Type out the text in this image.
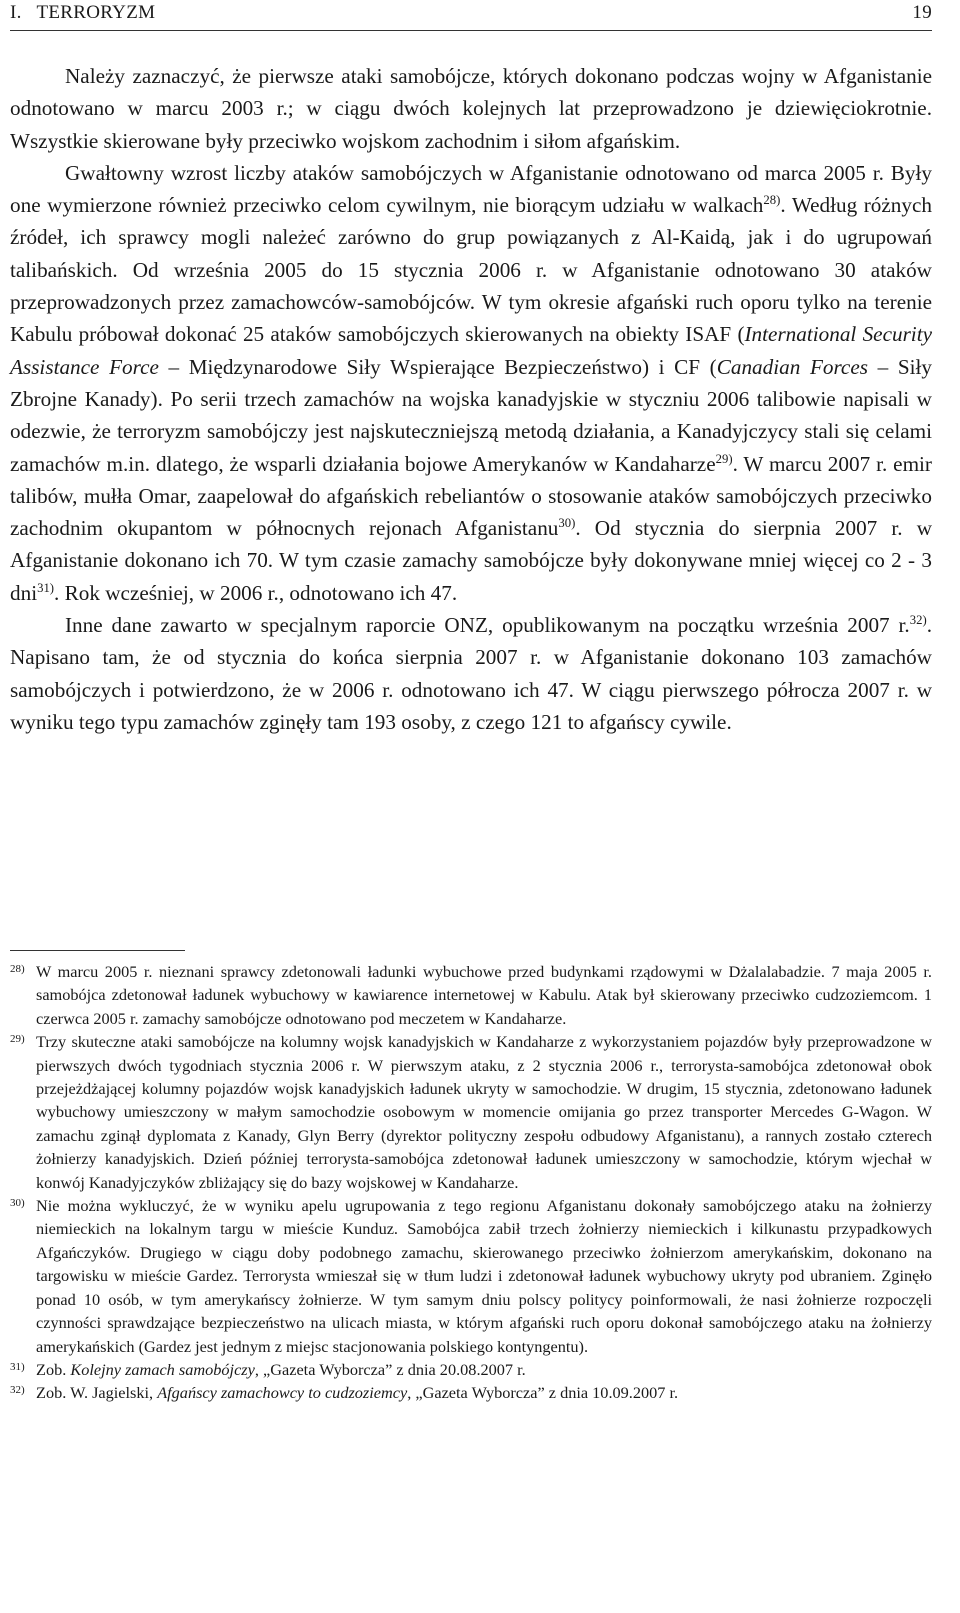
I.   TERRORYZM	19

Należy zaznaczyć, że pierwsze ataki samobójcze, których dokonano podczas wojny w Afganistanie odnotowano w marcu 2003 r.; w ciągu dwóch kolejnych lat przeprowadzono je dziewięciokrotnie. Wszystkie skierowane były przeciwko wojskom zachodnim i siłom afgańskim.

Gwałtowny wzrost liczby ataków samobójczych w Afganistanie odnotowano od marca 2005 r. Były one wymierzone również przeciwko celom cywilnym, nie biorącym udziału w walkach$^{28)}$. Według różnych źródeł, ich sprawcy mogli należeć zarówno do grup powiązanych z Al-Kaidą, jak i do ugrupowań talibańskich. Od września 2005 do 15 stycznia 2006 r. w Afganistanie odnotowano 30 ataków przeprowadzonych przez zamachowców-samobójców. W tym okresie afgański ruch oporu tylko na terenie Kabulu próbował dokonać 25 ataków samobójczych skierowanych na obiekty ISAF (International Security Assistance Force – Międzynarodowe Siły Wspierające Bezpieczeństwo) i CF (Canadian Forces – Siły Zbrojne Kanady). Po serii trzech zamachów na wojska kanadyjskie w styczniu 2006 talibowie napisali w odezwie, że terroryzm samobójczy jest najskuteczniejszą metodą działania, a Kanadyjczycy stali się celami zamachów m.in. dlatego, że wsparli działania bojowe Amerykanów w Kandaharze$^{29)}$. W marcu 2007 r. emir talibów, mułła Omar, zaapelował do afgańskich rebeliantów o stosowanie ataków samobójczych przeciwko zachodnim okupantom w północnych rejonach Afganistanu$^{30)}$. Od stycznia do sierpnia 2007 r. w Afganistanie dokonano ich 70. W tym czasie zamachy samobójcze były dokonywane mniej więcej co 2 - 3 dni$^{31)}$. Rok wcześniej, w 2006 r., odnotowano ich 47.

Inne dane zawarto w specjalnym raporcie ONZ, opublikowanym na początku września 2007 r.$^{32)}$. Napisano tam, że od stycznia do końca sierpnia 2007 r. w Afganistanie dokonano 103 zamachów samobójczych i potwierdzono, że w 2006 r. odnotowano ich 47. W ciągu pierwszego półrocza 2007 r. w wyniku tego typu zamachów zginęły tam 193 osoby, z czego 121 to afgańscy cywile.

28) W marcu 2005 r. nieznani sprawcy zdetonowali ładunki wybuchowe przed budynkami rządowymi w Dżalalabadzie. 7 maja 2005 r. samobójca zdetonował ładunek wybuchowy w kawiarence internetowej w Kabulu. Atak był skierowany przeciwko cudzoziemcom. 1 czerwca 2005 r. zamachy samobójcze odnotowano pod meczetem w Kandaharze.
29) Trzy skuteczne ataki samobójcze na kolumny wojsk kanadyjskich w Kandaharze z wykorzystaniem pojazdów były przeprowadzone w pierwszych dwóch tygodniach stycznia 2006 r. W pierwszym ataku, z 2 stycznia 2006 r., terrorysta-samobójca zdetonował obok przejeżdżającej kolumny pojazdów wojsk kanadyjskich ładunek ukryty w samochodzie. W drugim, 15 stycznia, zdetonowano ładunek wybuchowy umieszczony w małym samochodzie osobowym w momencie omijania go przez transporter Mercedes G-Wagon. W zamachu zginął dyplomata z Kanady, Glyn Berry (dyrektor polityczny zespołu odbudowy Afganistanu), a rannych zostało czterech żołnierzy kanadyjskich. Dzień później terrorysta-samobójca zdetonował ładunek umieszczony w samochodzie, którym wjechał w konwój Kanadyjczyków zbliżający się do bazy wojskowej w Kandaharze.
30) Nie można wykluczyć, że w wyniku apelu ugrupowania z tego regionu Afganistanu dokonały samobójczego ataku na żołnierzy niemieckich na lokalnym targu w mieście Kunduz. Samobójca zabił trzech żołnierzy niemieckich i kilkunastu przypadkowych Afgańczyków. Drugiego w ciągu doby podobnego zamachu, skierowanego przeciwko żołnierzom amerykańskim, dokonano na targowisku w mieście Gardez. Terrorysta wmieszał się w tłum ludzi i zdetonował ładunek wybuchowy ukryty pod ubraniem. Zginęło ponad 10 osób, w tym amerykańscy żołnierze. W tym samym dniu polscy politycy poinformowali, że nasi żołnierze rozpoczęli czynności sprawdzające bezpieczeństwo na ulicach miasta, w którym afgański ruch oporu dokonał samobójczego ataku na żołnierzy amerykańskich (Gardez jest jednym z miejsc stacjonowania polskiego kontyngentu).
31) Zob. Kolejny zamach samobójczy, „Gazeta Wyborcza” z dnia 20.08.2007 r.
32) Zob. W. Jagielski, Afgańscy zamachowcy to cudzoziemcy, „Gazeta Wyborcza” z dnia 10.09.2007 r.
